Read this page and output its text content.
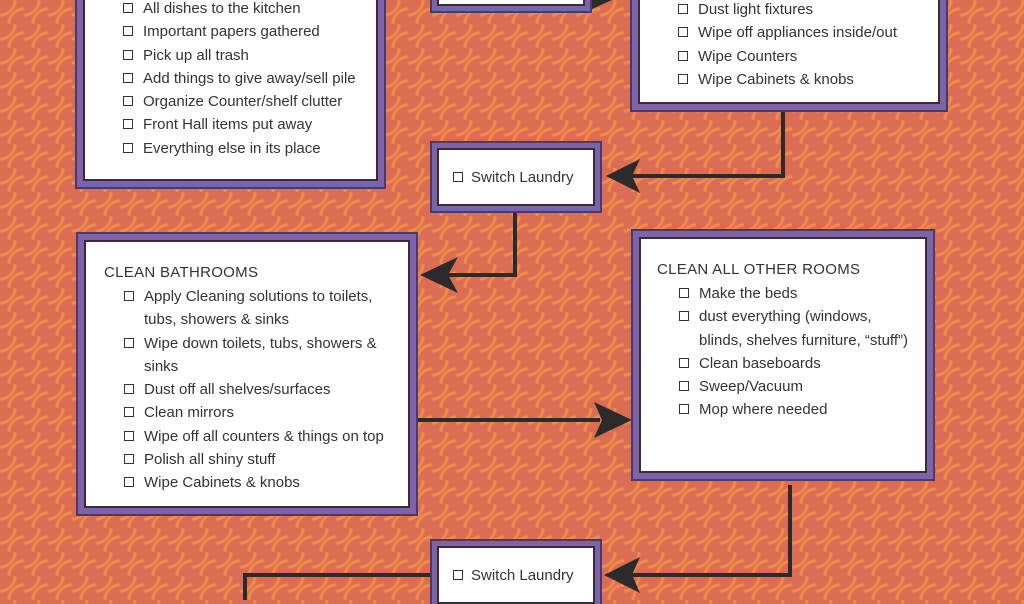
All dishes to the kitchen
Important papers gathered
Pick up all trash
Add things to give away/sell pile
Organize Counter/shelf clutter
Front Hall items put away
Everything else in its place
Dust light fixtures
Wipe off appliances inside/out
Wipe Counters
Wipe Cabinets & knobs
Switch Laundry
CLEAN BATHROOMS
Apply Cleaning solutions to toilets, tubs, showers & sinks
Wipe down toilets, tubs, showers & sinks
Dust off all shelves/surfaces
Clean mirrors
Wipe off all counters & things on top
Polish all shiny stuff
Wipe Cabinets & knobs
CLEAN ALL OTHER ROOMS
Make the beds
dust everything (windows, blinds, shelves furniture, “stuff”)
Clean baseboards
Sweep/Vacuum
Mop where needed
Switch Laundry
